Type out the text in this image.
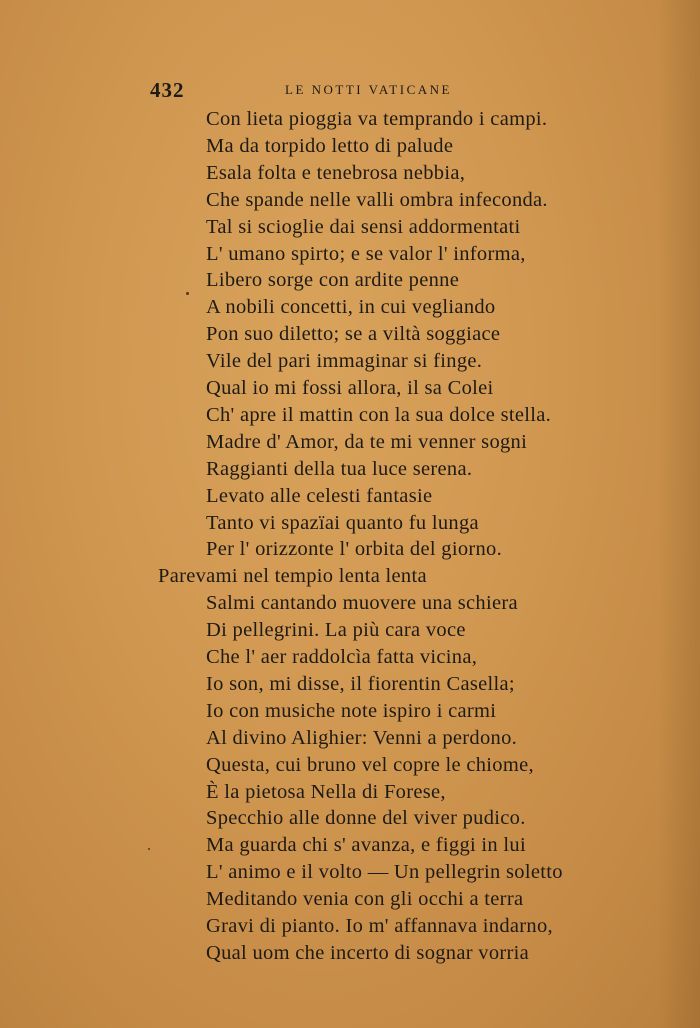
432	LE NOTTI VATICANE
Con lieta pioggia va temprando i campi.
Ma da torpido letto di palude
Esala folta e tenebrosa nebbia,
Che spande nelle valli ombra infeconda.
Tal si scioglie dai sensi addormentati
L' umano spirto; e se valor l' informa,
Libero sorge con ardite penne
A nobili concetti, in cui vegliando
Pon suo diletto; se a viltà soggiace
Vile del pari immaginar si finge.
Qual io mi fossi allora, il sa Colei
Ch' apre il mattin con la sua dolce stella.
Madre d' Amor, da te mi venner sogni
Raggianti della tua luce serena.
Levato alle celesti fantasie
Tanto vi spazïai quanto fu lunga
Per l' orizzonte l' orbita del giorno.
Parevami nel tempio lenta lenta
Salmi cantando muovere una schiera
Di pellegrini. La più cara voce
Che l' aer raddolcìa fatta vicina,
Io son, mi disse, il fiorentin Casella;
Io con musiche note ispiro i carmi
Al divino Alighier: Venni a perdono.
Questa, cui bruno vel copre le chiome,
È la pietosa Nella di Forese,
Specchio alle donne del viver pudico.
Ma guarda chi s' avanza, e figgi in lui
L' animo e il volto — Un pellegrin soletto
Meditando venia con gli occhi a terra
Gravi di pianto. Io m' affannava indarno,
Qual uom che incerto di sognar vorria
